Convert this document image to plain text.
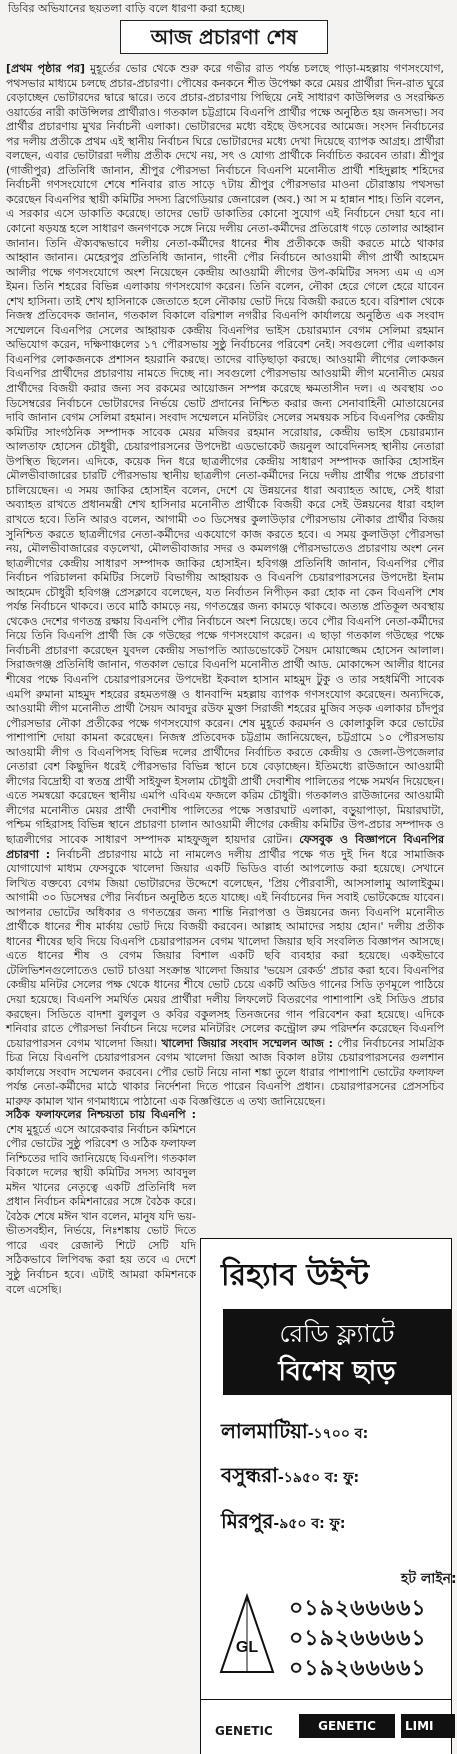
ডিবির অভিযানের ছয়তলা বাড়ি বলে ধারণা করা হচ্ছে।
আজ প্রচারণা শেষ
[প্রথম পৃষ্ঠার পর] মুহূর্তের ভোর থেকে শুরু করে গভীর রাত পর্যন্ত চলছে পাড়া-মহল্লায় গণসংযোগ, পথসভার মাধ্যমে চলছে প্রচার-প্রচারণা। পৌষের কনকনে শীত উপেক্ষা করে মেয়র প্রার্থীরা দিন-রাত ঘুরে বেড়াচ্ছেন ভোটারদের দ্বারে দ্বারে। তবে প্রচার-প্রচারণায় পিছিয়ে নেই সাধারণ কাউন্সিলর ও সংরক্ষিত ওয়ার্ডের নারী কাউন্সিলর প্রার্থীরাও। গতকাল চট্টগ্রামে বিএনপি প্রার্থীর পক্ষে অনুষ্ঠিত হয় জনসভা। সব প্রার্থীর প্রচারণায় মুখর নির্বাচনী এলাকা। ভোটারদের মধ্যে বইছে উৎসবের আমেজ। সংসদ নির্বাচনের পর দলীয় প্রতীকে প্রথম এই স্থানীয় নির্বাচন ঘিরে ভোটারদের মধ্যে দেখা দিয়েছে ব্যাপক আগ্রহ। প্রার্থীরা বলছেন, এবার ভোটাররা দলীয় প্রতীক দেখে নয়, সৎ ও যোগ্য প্রার্থীকে নির্বাচিত করবেন তারা। শ্রীপুর (গাজীপুর) প্রতিনিধি জানান, শ্রীপুর পৌরসভা নির্বাচনে বিএনপি মনোনীত প্রার্থী শহিদুল্লাহ শহিদের নির্বাচনী গণসংযোগে শেষে শনিবার রাত সাড়ে ৭টায় শ্রীপুর পৌরসভার মাওনা চৌরাস্তায় পথসভা করেছেন বিএনপির স্থায়ী কমিটির সদস্য ব্রিগেডিয়ার জেনারেল (অব.) আ স ম হান্নান শাহ। তিনি বলেন, এ সরকার এসে ডাকাতি করেছে। তাদের ভোট ডাকাতির কোনো সুযোগ এই নির্বাচনে দেয়া হবে না। কোনো ষড়যন্ত্র হলে সাধারণ জনগণকে সঙ্গে নিয়ে দলীয় নেতা-কর্মীদের প্রতিরোধ গড়ে তোলার আহ্বান জানান। তিনি ঐক্যবদ্ধভাবে দলীয় নেতা-কর্মীদের ধানের শীষ প্রতীককে জয়ী করতে মাঠে থাকার আহ্বান জানান। মেহেরপুর প্রতিনিধি জানান, গাংনী পৌর নির্বাচনে আওয়ামী লীগ প্রার্থী আহমেদ আলীর পক্ষে গণসংযোগে অংশ নিয়েছেন কেন্দ্রীয় আওয়ামী লীগের উপ-কমিটির সদস্য এম এ এস ইমন। তিনি শহরের বিভিন্ন এলাকায় গণসংযোগ করেন। তিনি বলেন, নৌকা হেরে গেলে হেরে যাবেন শেখ হাসিনা। তাই শেখ হাসিনাকে জেতাতে হলে নৌকায় ভোট দিয়ে বিজয়ী করতে হবে। বরিশাল থেকে নিজস্ব প্রতিবেদক জানান, গতকাল বিকালে বরিশাল নগরীর বিএনপি কার্যালয়ে অনুষ্ঠিত এক সংবাদ সম্মেলনে বিএনপির সেলের আহ্বায়ক কেন্দ্রীয় বিএনপির ভাইস চেয়ারম্যান বেগম সেলিমা রহমান অভিযোগ করেন, দক্ষিণাঞ্চলের ১৭ পৌরসভায় সুষ্ঠু নির্বাচনের পরিবেশ নেই। সবগুলো পৌর এলাকায় বিএনপির লোকজনকে প্রশাসন হয়রানি করছে। তাদের বাড়িছাড়া করছে। আওয়ামী লীগের লোকজন বিএনপির প্রার্থীদের প্রচারণায় নামতে দিচ্ছে না। সবগুলো পৌরসভায় আওয়ামী লীগ মনোনীত মেয়র প্রার্থীদের বিজয়ী করার জন্য সব রকমের আয়োজন সম্পন্ন করেছে ক্ষমতাসীন দল। এ অবস্থায় ৩০ ডিসেম্বরের নির্বাচনে ভোটারদের নির্ভয়ে ভোট প্রদানের নিশ্চিত করার জন্য সেনাবাহিনী মোতায়েনের দাবি জানান বেগম সেলিমা রহমান। সংবাদ সম্মেলনে মনিটরিং সেলের সমন্বয়ক সচিব বিএনপির কেন্দ্রীয় কমিটির সাংগঠনিক সম্পাদক সাবেক মেয়র মজিবর রহমান সরোয়ার, কেন্দ্রীয় ভাইস চেয়ারম্যান আলতাফ হোসেন চৌধুরী, চেয়ারপারসনের উপদেষ্টা এডভোকেট জয়নুল আবেদিনসহ স্থানীয় নেতারা উপস্থিত ছিলেন। এদিকে, কয়েক দিন ধরে ছাত্রলীগের কেন্দ্রীয় সাধারণ সম্পাদক জাকির হোসাইন মৌলভীবাজারের চারটি পৌরসভায় স্থানীয় ছাত্রলীগ নেতা-কর্মীদের নিয়ে দলীয় প্রার্থীর পক্ষে প্রচারণা চালিয়েছেন। এ সময় জাকির হোসাইন বলেন, দেশে যে উন্নয়নের ধারা অব্যাহত আছে, সেই ধারা অব্যাহত রাখতে প্রধানমন্ত্রী শেখ হাসিনার মনোনীত প্রার্থীকে বিজয়ী করে সেই উন্নয়নের ধারা বহাল রাখতে হবে। তিনি আরও বলেন, আগামী ৩০ ডিসেম্বর কুলাউড়ার পৌরসভায় নৌকার প্রার্থীর বিজয় সুনিশ্চিত করতে ছাত্রলীগের নেতা-কর্মীদের একযোগে কাজ করতে হবে। এ সময় কুলাউড়া পৌরসভা নয়, মৌলভীবাজারের বড়লেখা, মৌলভীবাজার সদর ও কমলগঞ্জ পৌরসভাতেও প্রচারণায় অংশ নেন ছাত্রলীগের কেন্দ্রীয় সাধারণ সম্পাদক জাকির হোসাইন। হবিগঞ্জ প্রতিনিধি জানান, বিএনপির পৌর নির্বাচন পরিচালনা কমিটির সিলেট বিভাগীয় আহ্বায়ক ও বিএনপি চেয়ারপারসনের উপদেষ্টা ইনাম আহমেদ চৌধুরী হবিগঞ্জ প্রেসক্লাবে বলেছেন, যত নির্বাতন নিপীড়ন করা হোক না কেন বিএনপি শেষ পর্যন্ত নির্বাচনে থাকবে। তবে মাঠি কামড়ে নয়, গণতন্ত্রের জন্য কামড়ে থাকবে। অত্যন্ত প্রতিকূল অবস্থায় থেকেও দেশের গণতন্ত্র রক্ষায় বিএনপি পৌর নির্বাচনে অংশ নিয়েছে। তবে পৌর বিএনপি নেতা-কর্মীদের নিয়ে তিনি বিএনপি প্রার্থী জি কে গউছের পক্ষে গণসংযোগ করেন। এ ছাড়া গতকাল গউছের পক্ষে নির্বাচনী প্রচারণা করেছেন যুবদল কেন্দ্রীয় সভাপতি অ্যাডভোকেট সৈয়দ মোয়াজ্জেম হোসেন আলাল। সিরাজগঞ্জ প্রতিনিধি জানান, গতকাল ভোরে বিএনপি মনোনীত প্রার্থী আড. মোকাদ্দেস আলীর ধানের শীষের পক্ষে বিএনপি চেয়ারপারসনের উপদেষ্টা ইকবাল হাসান মাহমুদ টুকু ও তার সহধর্মিণী সাবেক এমপি রুমানা মাহমুদ শহরের রহমতগঞ্জ ও ধানবান্দি মহল্লায় ব্যাপক গণসংযোগ করেছেন। অন্যদিকে, আওয়ামী লীগ মনোনীত প্রার্থী সৈয়দ আবদুর রউফ মুক্তা সিরাজী শহরের মুজিব সড়ক এলাকার চাঁদপুর পৌরসভার নৌকা প্রতীকের পক্ষে গণসংযোগ করেন। শেষ মুহূর্তে করমর্দন ও কোলাকুলি করে ভোটের পাশাপাশি দোয়া কামনা করেছেন। নিজস্ব প্রতিবেদক চট্টগ্রাম জানিয়েছেন, চট্টগ্রামে ১০ পৌরসভায় আওয়ামী লীগ ও বিএনপিসহ বিভিন্ন দলের প্রার্থীদের নির্বাচিত করতে কেন্দ্রীয় ও জেলা-উপজেলার নেতারা বেশ কিছুদিন ধরেই পৌরসভার বিভিন্ন স্থানে চষে বেড়াচ্ছেন। ইতিমধ্যে রাউজানে আওয়ামী লীগের বিদ্রোহী বা স্বতন্ত্র প্রার্থী সাইফুল ইসলাম চৌধুরী প্রার্থী দেবাশীষ পালিতের পক্ষে সমর্থন দিয়েছেন। এতে সমন্বয়ো করেছেন স্থানীয় এমপি এবিএম ফজলে করিম চৌধুরী। গতকালও রাউজানের আওয়ামী লীগের মনোনীত মেয়র প্রার্থী দেবাশীষ পালিতের পক্ষে সত্তারঘাট এলাকা, বড়ুয়াপাড়া, মিয়ারঘাটা, পশ্চিম গহিরাসহ বিভিন্ন স্থানে প্রচারণা চালান আওয়ামী লীগের কেন্দ্রীয় কমিটির উপ-প্রচার সম্পাদক ও ছাত্রলীগের সাবেক সাধারণ সম্পাদক মাহফুজুল হায়দার রোটন। ফেসবুক ও বিজ্ঞাপনে বিএনপির প্রচারণা : নির্বাচনী প্রচারণায় মাঠে না নামলেও দলীয় প্রার্থীর পক্ষে গত দুই দিন ধরে সামাজিক যোগাযোগ মাধ্যম ফেসবুকে খালেদা জিয়ার একটি ভিডিও বার্তা আপলোড করা হয়েছে। সেখানে লিখিত বক্তব্যে বেগম জিয়া ভোটারদের উদ্দেশে বলেছেন, 'প্রিয় পৌরবাসী, আসসালামু আলাইকুম। আগামী ৩০ ডিসেম্বর পৌর নির্বাচন অনুষ্ঠিত হতে যাচ্ছে। এই নির্বাচনের দিন সবাই ভোটকেন্দ্রে যাবেন। আপনার ভোটের অধিকার ও গণতন্ত্রের জন্য শান্তি নিরাপত্তা ও উন্নয়নের জন্য বিএনপি মনোনীত প্রার্থীকে ধানের শীষ মার্কায় ভোট দিয়ে বিজয়ী করবেন। আল্লাহ আমাদের সহায় হোন।' দলীয় প্রতীক ধানের শীষের ছবি দিয়ে বিএনপি চেয়ারপারসন বেগম খালেদা জিয়ার ছবি সংবলিত বিজ্ঞাপন আসছে। এতে ধানের শীষ ও বেগম জিয়ার বিশাল একটি ছবি ব্যবহার করা হয়েছে। একইভাবে টেলিভিশনগুলোতেও ভোট চাওয়া সংক্রান্ত খালেদা জিয়ার 'ভয়েস রেকর্ড' প্রচার করা হবে। বিএনপির কেন্দ্রীয় মনিটর সেলের পক্ষ থেকে ধানের শীষে ভোট চেয়ে একটি অডিও গানের সিডি তৃণমূলে পাঠিয়ে দেয়া হয়েছে। বিএনপি সমর্থিত মেয়র প্রার্থীরা দলীয় লিফলেট বিতরণের পাশাপাশি ওই সিডিও প্রচার করছেন। সিডিতে বাদশা বুলবুল ও কবির বকুলসহ তিনজনের গান পরিবেশন করা হয়েছে। এদিকে শনিবার রাতে পৌরসভা নির্বাচন নিয়ে দলের মনিটরিং সেলের কন্ট্রোল রুম পরিদর্শন করেছেন বিএনপি চেয়ারপারসন বেগম খালেদা জিয়া। খালেদা জিয়ার সংবাদ সম্মেলন আজ : পৌর নির্বাচনের সামগ্রিক চিত্র নিয়ে বিএনপি চেয়ারপারসন বেগম খালেদা জিয়া আজ বিকাল ৪টায় চেয়ারপারসনের গুলশান কার্যালয়ে সংবাদ সম্মেলন করবেন। পৌর ভোট নিয়ে নানা শঙ্কা তুলে ধারার পাশাপাশি ভোটের ফলাফল পর্যন্ত নেতা-কর্মীদের মাঠে থাকার নির্দেশনা দিতে পারেন বিএনপি প্রধান। চেয়ারপারসনের প্রেসসচিব মারুফ কামাল খান গণমাধ্যমে পাঠানো এক বিজ্ঞপ্তিতে এ তথ্য জানিয়েছেন।
সঠিক ফলাফলের নিশ্চয়তা চায় বিএনপি : শেষ মুহূর্তে এসে আরেকবার নির্বাচন কমিশনে পৌর ভোটের সুষ্ঠু পরিবেশ ও সঠিক ফলাফল নিশ্চিতের দাবি জানিয়েছে বিএনপি। গতকাল বিকালে দলের স্থায়ী কমিটির সদস্য আবদুল মঈন খানের নেতৃত্বে একটি প্রতিনিধি দল প্রধান নির্বাচন কমিশনারের সঙ্গে বৈঠক করে। বৈঠক শেষে মঈন খান বলেন, মানুষ যদি ভয়-ভীতসবহীন, নির্ভয়ে, নিঃশঙ্কায় ভোট দিতে পারে এবং রেজাল্ট শিটে সেটি যদি সঠিকভাবে লিপিবদ্ধ করা হয় তবে এ দেশে সুষ্ঠু নির্বাচন হবে। এটাই আমরা কমিশনকে বলে এসেছি।	রিহ্যাব উইন্ট
রেডি ফ্ল্যাটে
বিশেষ ছাড়
লালমাটিয়া-১৭০০ ব:
বসুন্ধরা-১৯৫০ ব: ফু:
মিরপুর-৯৫০ ব: ফু:
হট লাইন:
০১৯২৬৬৬৬১
০১৯২৬৬৬৬১
০১৯২৬৬৬৬১
GL
GENETIC	GENETIC	LIMI
